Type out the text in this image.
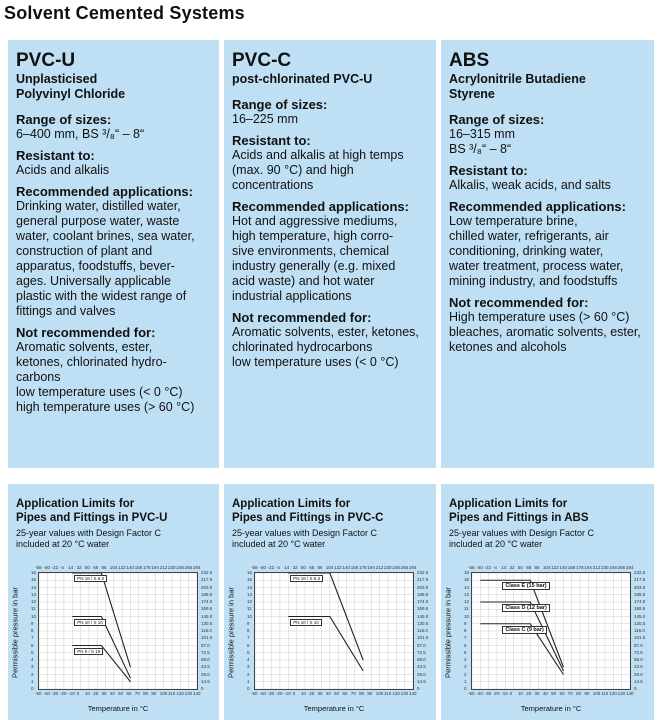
Solvent Cemented Systems
PVC-U
Unplasticised
Polyvinyl Chloride
Range of sizes:
6–400 mm, BS ³/₈“ – 8“
Resistant to:
Acids and alkalis
Recommended applications:
Drinking water, distilled water,
general purpose water, waste
water, coolant brines, sea water,
construction of plant and
apparatus, foodstuffs, bever-
ages. Universally applicable
plastic with the widest range of
fittings and valves
Not recommended for:
Aromatic solvents, ester,
ketones, chlorinated hydro-
carbons
low temperature uses (< 0 °C)
high temperature uses (> 60 °C)
PVC-C
post-chlorinated PVC-U
Range of sizes:
16–225 mm
Resistant to:
Acids and alkalis at high temps
(max. 90 °C) and high
concentrations
Recommended applications:
Hot and aggressive mediums,
high temperature, high corro-
sive environments, chemical
industry generally (e.g. mixed
acid waste) and hot water
industrial applications
Not recommended for:
Aromatic solvents, ester, ketones,
chlorinated hydrocarbons
low temperature uses (< 0 °C)
ABS
Acrylonitrile Butadiene
Styrene
Range of sizes:
16–315 mm
BS ³/₈“ – 8“
Resistant to:
Alkalis, weak acids, and salts
Recommended applications:
Low temperature brine,
chilled water, refrigerants, air
conditioning, drinking water,
water treatment, process water,
mining industry, and foodstuffs
Not recommended for:
High temperature uses (> 60 °C)
bleaches, aromatic solvents, ester,
ketones and alcohols
Application Limits for
Pipes and Fittings in PVC-U
25-year values with Design Factor C
included at 20 °C water
Permissible pressure in bar
Temperature in °C
PN 16 / S 6.3
PN 10 / S 10
PN 6 / S 16
-50 -40 -30 -20 -10 0 10 20 30 40 50 60 70 80 90 100 110 120 130 140
-58 -40 -22 -4 14 32 50 68 86 104 122 140 158 176 194 212 230 248 266 284
16
15
14
13
12
11
10
9
8
7
6
5
4
3
2
1
0
232.0
217.5
203.0
188.5
174.0
159.5
145.0
130.5
116.0
101.5
87.0
72.5
58.0
43.5
29.0
14.5
0
Application Limits for
Pipes and Fittings in PVC-C
25-year values with Design Factor C
included at 20 °C water
Permissible pressure in bar
Temperature in °C
PN 16 / S 6.3
PN 10 / S 10
-50 -40 -30 -20 -10 0 10 20 30 40 50 60 70 80 90 100 110 120 130 140
-58 -40 -22 -4 14 32 50 68 86 104 122 140 158 176 194 212 230 248 266 284
16
15
14
13
12
11
10
9
8
7
6
5
4
3
2
1
0
232.0
217.5
203.0
188.5
174.0
159.5
145.0
130.5
116.0
101.5
87.0
72.5
58.0
43.5
29.0
14.5
0
Application Limits for
Pipes and Fittings in ABS
25-year values with Design Factor C
included at 20 °C water
Permissible pressure in bar
Temperature in °C
Class E (15 bar)
Class D (12 bar)
Class C (9 bar)
-50 -40 -30 -20 -10 0 10 20 30 40 50 60 70 80 90 100 110 120 130 140
-58 -40 -22 -4 14 32 50 68 86 104 122 140 158 176 194 212 230 248 266 284
16
15
14
13
12
11
10
9
8
7
6
5
4
3
2
1
0
232.0
217.5
203.0
188.5
174.0
159.5
145.0
130.5
116.0
101.5
87.0
72.5
58.0
43.5
29.0
14.5
0
